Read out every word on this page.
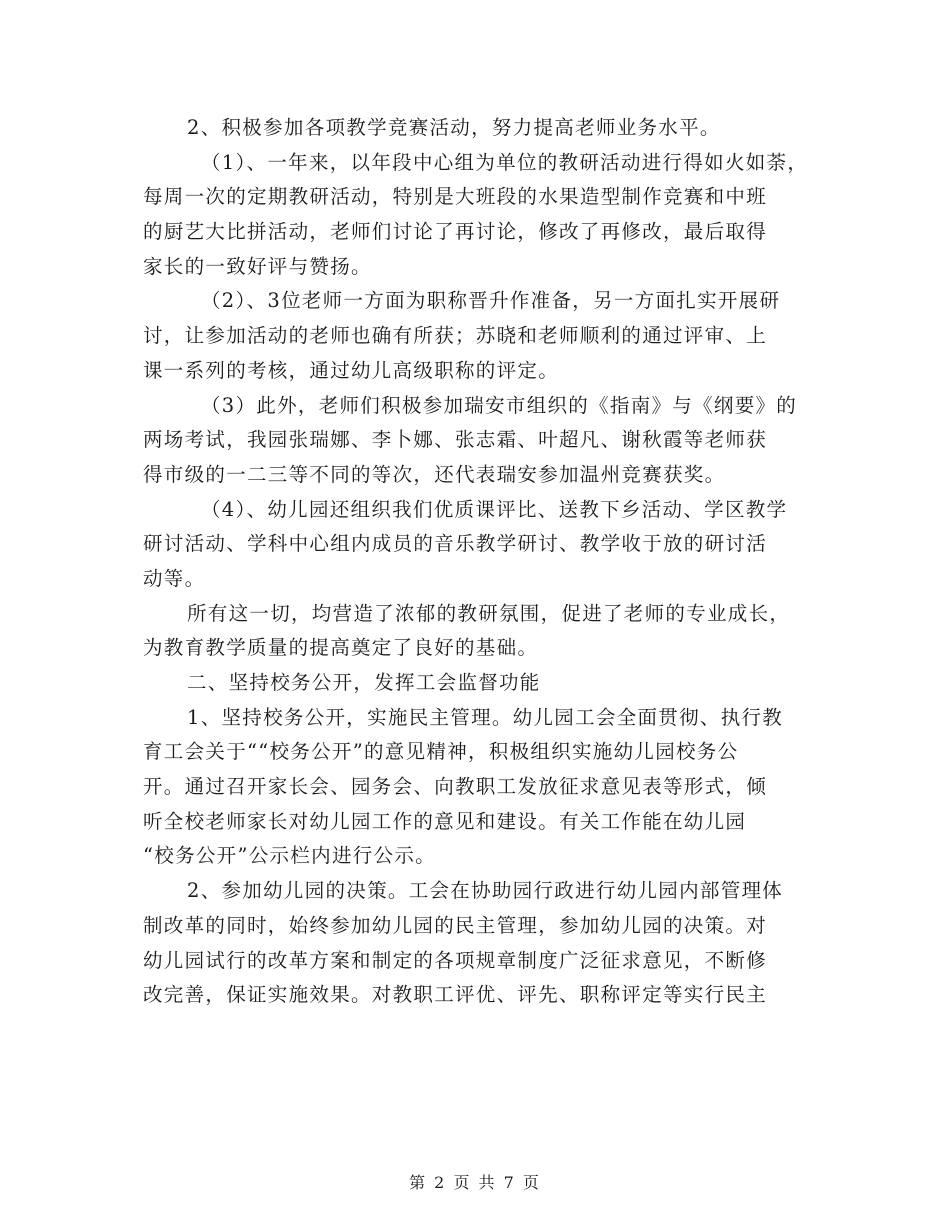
2、积极参加各项教学竞赛活动，努力提高老师业务水平。
（1）、一年来，以年段中心组为单位的教研活动进行得如火如荼，
每周一次的定期教研活动，特别是大班段的水果造型制作竞赛和中班
的厨艺大比拼活动，老师们讨论了再讨论，修改了再修改，最后取得
家长的一致好评与赞扬。
（2）、3位老师一方面为职称晋升作准备，另一方面扎实开展研
讨，让参加活动的老师也确有所获；苏晓和老师顺利的通过评审、上
课一系列的考核，通过幼儿高级职称的评定。
（3）此外，老师们积极参加瑞安市组织的《指南》与《纲要》的
两场考试，我园张瑞娜、李卜娜、张志霜、叶超凡、谢秋霞等老师获
得市级的一二三等不同的等次，还代表瑞安参加温州竞赛获奖。
（4）、幼儿园还组织我们优质课评比、送教下乡活动、学区教学
研讨活动、学科中心组内成员的音乐教学研讨、教学收于放的研讨活
动等。
所有这一切，均营造了浓郁的教研氛围，促进了老师的专业成长，
为教育教学质量的提高奠定了良好的基础。
二、坚持校务公开，发挥工会监督功能
1、坚持校务公开，实施民主管理。幼儿园工会全面贯彻、执行教
育工会关于““校务公开”的意见精神，积极组织实施幼儿园校务公
开。通过召开家长会、园务会、向教职工发放征求意见表等形式，倾
听全校老师家长对幼儿园工作的意见和建设。有关工作能在幼儿园
“校务公开”公示栏内进行公示。
2、参加幼儿园的决策。工会在协助园行政进行幼儿园内部管理体
制改革的同时，始终参加幼儿园的民主管理，参加幼儿园的决策。对
幼儿园试行的改革方案和制定的各项规章制度广泛征求意见，不断修
改完善，保证实施效果。对教职工评优、评先、职称评定等实行民主
第 2 页 共 7 页
